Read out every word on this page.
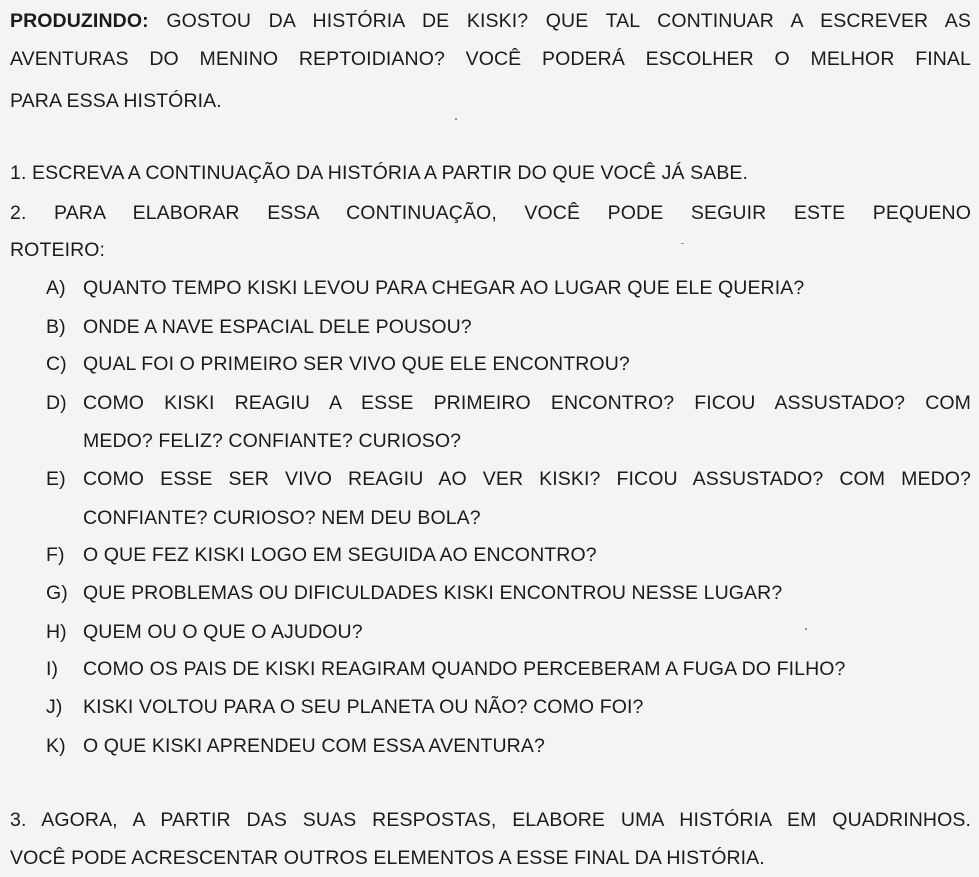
PRODUZINDO: GOSTOU DA HISTÓRIA DE KISKI? QUE TAL CONTINUAR A ESCREVER AS
AVENTURAS DO MENINO REPTOIDIANO? VOCÊ PODERÁ ESCOLHER O MELHOR FINAL
PARA ESSA HISTÓRIA.
1. ESCREVA A CONTINUAÇÃO DA HISTÓRIA A PARTIR DO QUE VOCÊ JÁ SABE.
2. PARA ELABORAR ESSA CONTINUAÇÃO, VOCÊ PODE SEGUIR ESTE PEQUENO
ROTEIRO:
A) QUANTO TEMPO KISKI LEVOU PARA CHEGAR AO LUGAR QUE ELE QUERIA?
B) ONDE A NAVE ESPACIAL DELE POUSOU?
C) QUAL FOI O PRIMEIRO SER VIVO QUE ELE ENCONTROU?
D) COMO KISKI REAGIU A ESSE PRIMEIRO ENCONTRO? FICOU ASSUSTADO? COM
MEDO? FELIZ? CONFIANTE? CURIOSO?
E) COMO ESSE SER VIVO REAGIU AO VER KISKI? FICOU ASSUSTADO? COM MEDO?
CONFIANTE? CURIOSO? NEM DEU BOLA?
F) O QUE FEZ KISKI LOGO EM SEGUIDA AO ENCONTRO?
G) QUE PROBLEMAS OU DIFICULDADES KISKI ENCONTROU NESSE LUGAR?
H) QUEM OU O QUE O AJUDOU?
I) COMO OS PAIS DE KISKI REAGIRAM QUANDO PERCEBERAM A FUGA DO FILHO?
J) KISKI VOLTOU PARA O SEU PLANETA OU NÃO? COMO FOI?
K) O QUE KISKI APRENDEU COM ESSA AVENTURA?
3. AGORA, A PARTIR DAS SUAS RESPOSTAS, ELABORE UMA HISTÓRIA EM QUADRINHOS.
VOCÊ PODE ACRESCENTAR OUTROS ELEMENTOS A ESSE FINAL DA HISTÓRIA.
